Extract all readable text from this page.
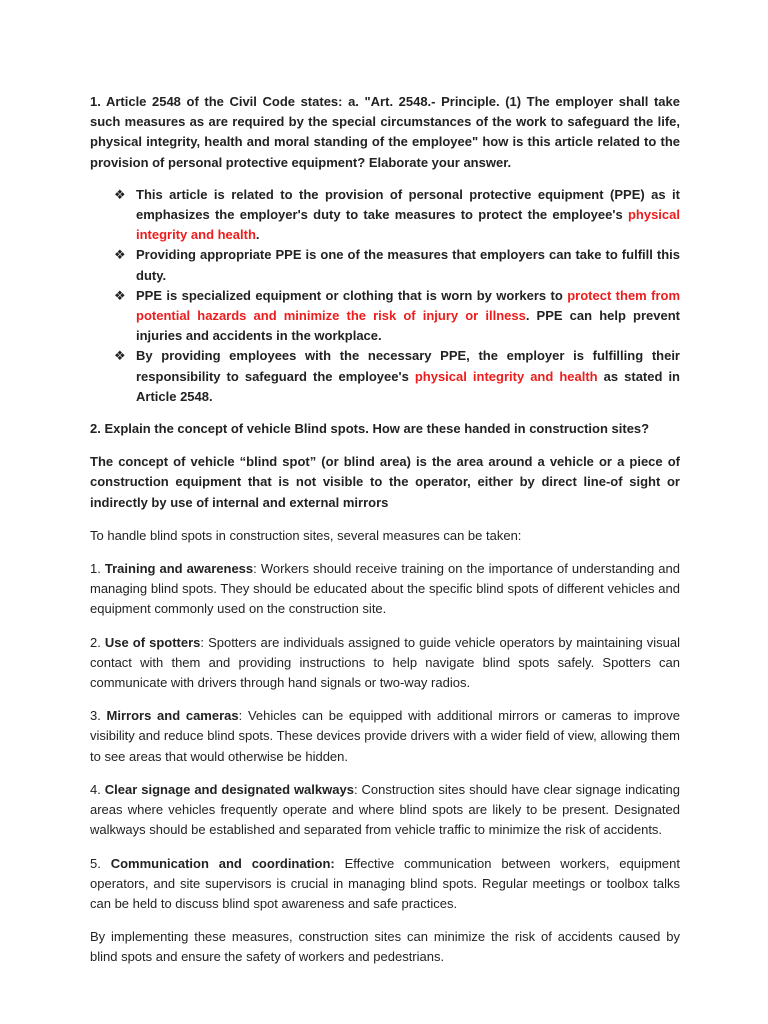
1. Article 2548 of the Civil Code states: a. "Art. 2548.- Principle. (1) The employer shall take such measures as are required by the special circumstances of the work to safeguard the life, physical integrity, health and moral standing of the employee" how is this article related to the provision of personal protective equipment? Elaborate your answer.

❖ This article is related to the provision of personal protective equipment (PPE) as it emphasizes the employer's duty to take measures to protect the employee's physical integrity and health.
❖ Providing appropriate PPE is one of the measures that employers can take to fulfill this duty.
❖ PPE is specialized equipment or clothing that is worn by workers to protect them from potential hazards and minimize the risk of injury or illness. PPE can help prevent injuries and accidents in the workplace.
❖ By providing employees with the necessary PPE, the employer is fulfilling their responsibility to safeguard the employee's physical integrity and health as stated in Article 2548.

2. Explain the concept of vehicle Blind spots. How are these handed in construction sites?

The concept of vehicle “blind spot” (or blind area) is the area around a vehicle or a piece of construction equipment that is not visible to the operator, either by direct line-of sight or indirectly by use of internal and external mirrors

To handle blind spots in construction sites, several measures can be taken:

1. Training and awareness: Workers should receive training on the importance of understanding and managing blind spots. They should be educated about the specific blind spots of different vehicles and equipment commonly used on the construction site.

2. Use of spotters: Spotters are individuals assigned to guide vehicle operators by maintaining visual contact with them and providing instructions to help navigate blind spots safely. Spotters can communicate with drivers through hand signals or two-way radios.

3. Mirrors and cameras: Vehicles can be equipped with additional mirrors or cameras to improve visibility and reduce blind spots. These devices provide drivers with a wider field of view, allowing them to see areas that would otherwise be hidden.

4. Clear signage and designated walkways: Construction sites should have clear signage indicating areas where vehicles frequently operate and where blind spots are likely to be present. Designated walkways should be established and separated from vehicle traffic to minimize the risk of accidents.

5. Communication and coordination: Effective communication between workers, equipment operators, and site supervisors is crucial in managing blind spots. Regular meetings or toolbox talks can be held to discuss blind spot awareness and safe practices.

By implementing these measures, construction sites can minimize the risk of accidents caused by blind spots and ensure the safety of workers and pedestrians.
